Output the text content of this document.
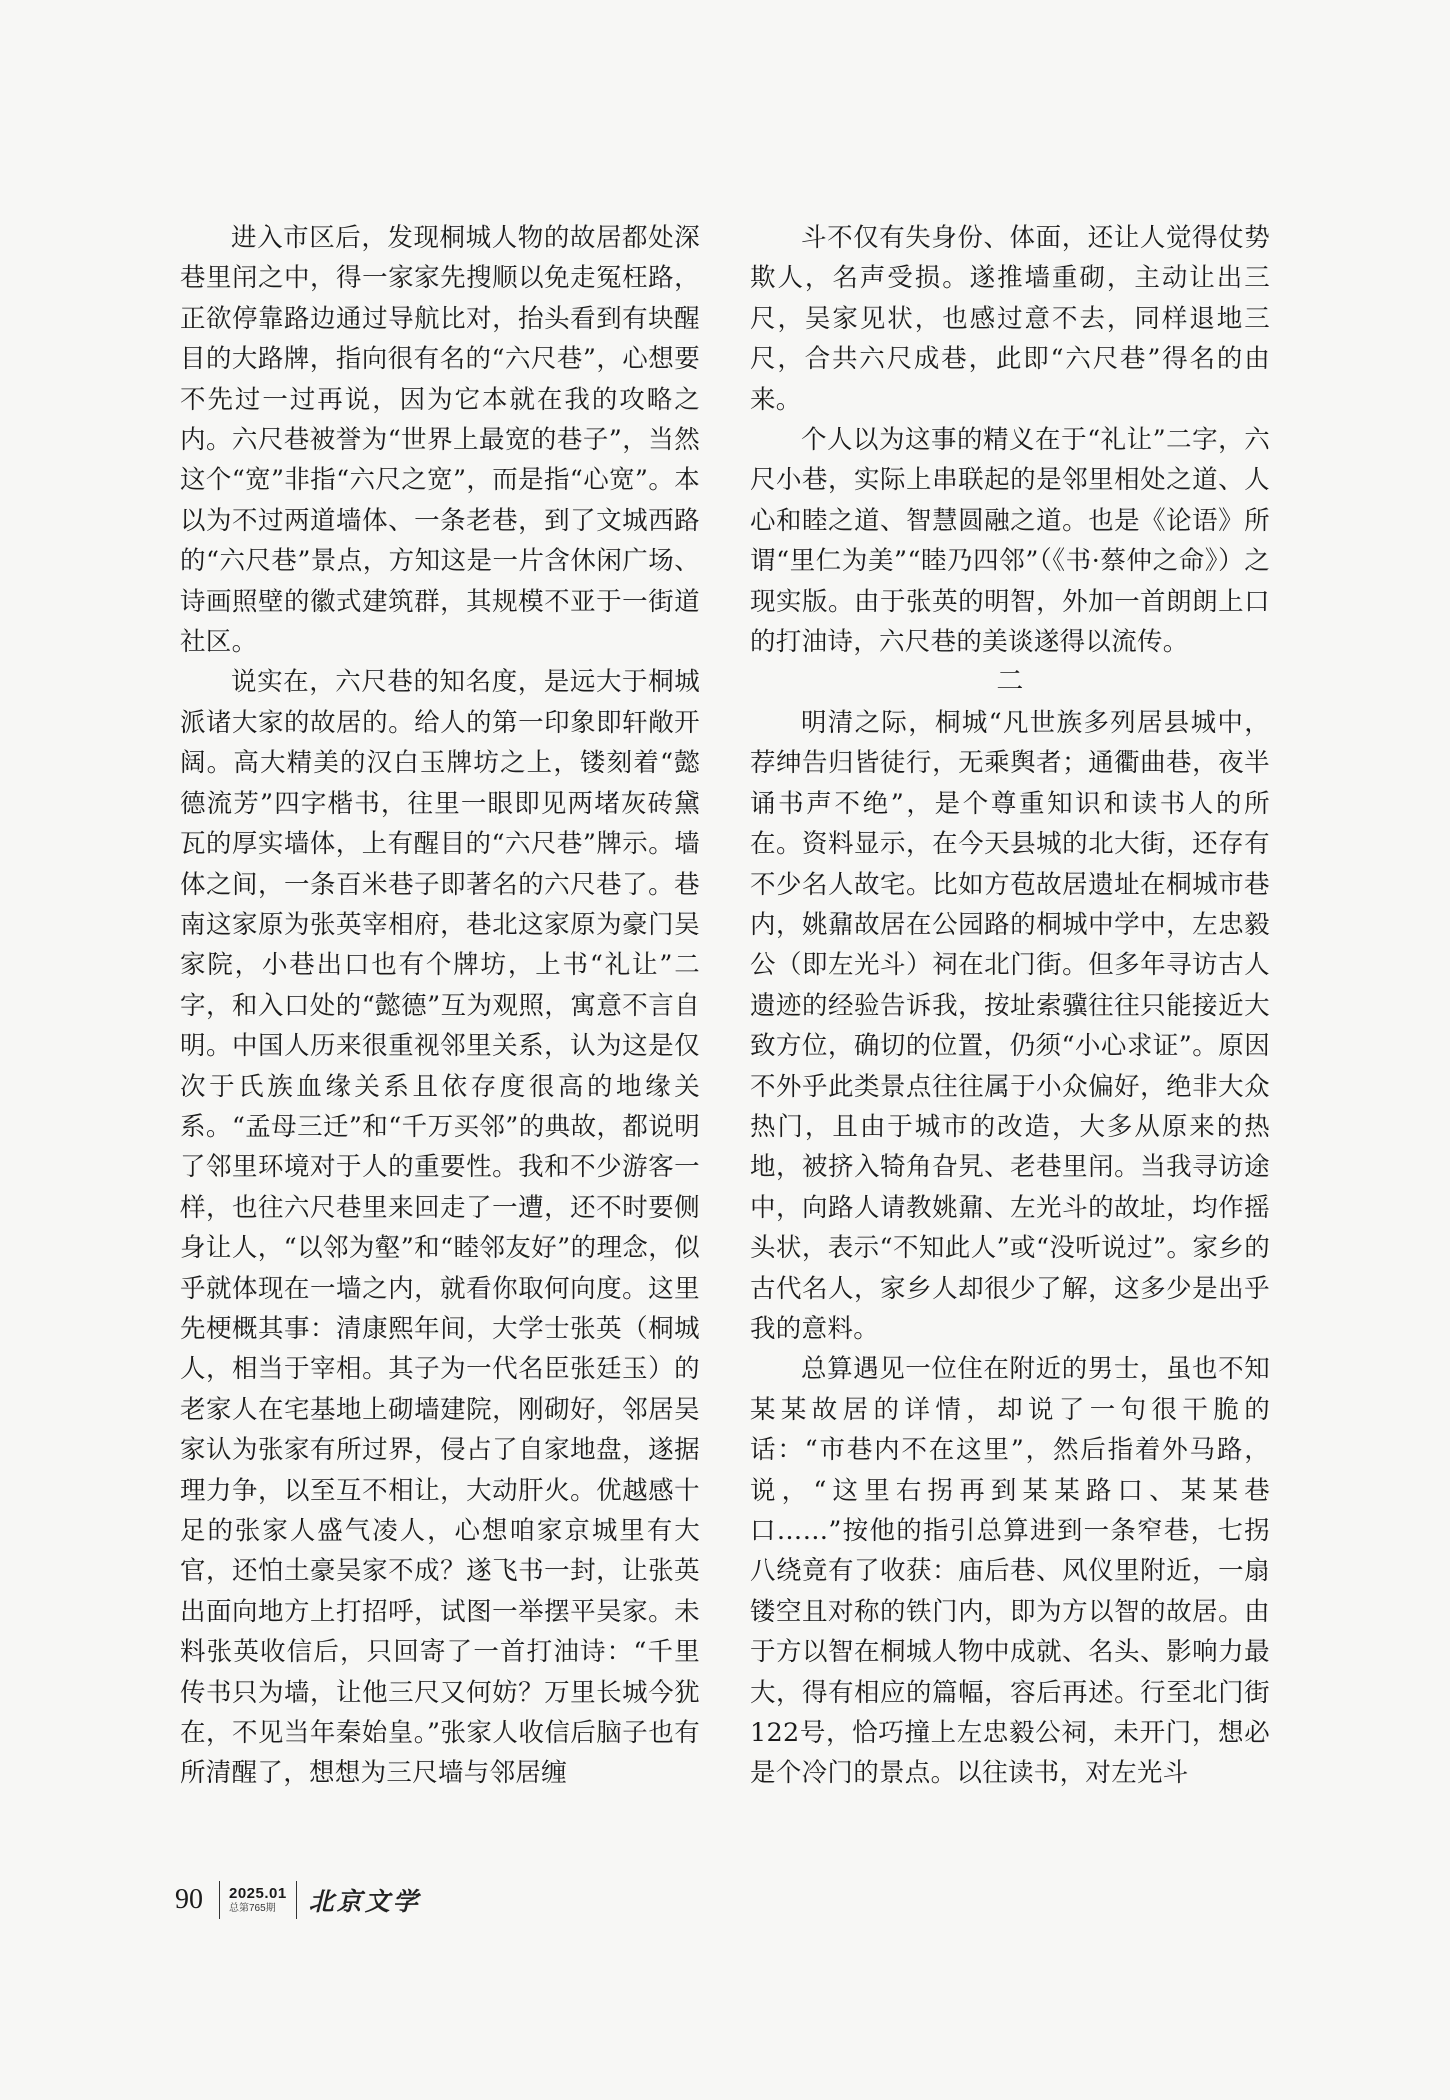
进入市区后，发现桐城人物的故居都处深巷里闬之中，得一家家先搜顺以免走冤枉路，正欲停靠路边通过导航比对，抬头看到有块醒目的大路牌，指向很有名的“六尺巷”，心想要不先过一过再说，因为它本就在我的攻略之内。六尺巷被誉为“世界上最宽的巷子”，当然这个“宽”非指“六尺之宽”，而是指“心宽”。本以为不过两道墙体、一条老巷，到了文城西路的“六尺巷”景点，方知这是一片含休闲广场、诗画照壁的徽式建筑群，其规模不亚于一街道社区。

说实在，六尺巷的知名度，是远大于桐城派诸大家的故居的。给人的第一印象即轩敞开阔。高大精美的汉白玉牌坊之上，镂刻着“懿德流芳”四字楷书，往里一眼即见两堵灰砖黛瓦的厚实墙体，上有醒目的“六尺巷”牌示。墙体之间，一条百米巷子即著名的六尺巷了。巷南这家原为张英宰相府，巷北这家原为豪门吴家院，小巷出口也有个牌坊，上书“礼让”二字，和入口处的“懿德”互为观照，寓意不言自明。中国人历来很重视邻里关系，认为这是仅次于氏族血缘关系且依存度很高的地缘关系。“孟母三迁”和“千万买邻”的典故，都说明了邻里环境对于人的重要性。我和不少游客一样，也往六尺巷里来回走了一遭，还不时要侧身让人，“以邻为壑”和“睦邻友好”的理念，似乎就体现在一墙之内，就看你取何向度。这里先梗概其事：清康熙年间，大学士张英（桐城人，相当于宰相。其子为一代名臣张廷玉）的老家人在宅基地上砌墙建院，刚砌好，邻居吴家认为张家有所过界，侵占了自家地盘，遂据理力争，以至互不相让，大动肝火。优越感十足的张家人盛气凌人，心想咱家京城里有大官，还怕土豪吴家不成？遂飞书一封，让张英出面向地方上打招呼，试图一举摆平吴家。未料张英收信后，只回寄了一首打油诗：“千里传书只为墙，让他三尺又何妨？万里长城今犹在，不见当年秦始皇。”张家人收信后脑子也有所清醒了，想想为三尺墙与邻居缠

斗不仅有失身份、体面，还让人觉得仗势欺人，名声受损。遂推墙重砌，主动让出三尺，吴家见状，也感过意不去，同样退地三尺，合共六尺成巷，此即“六尺巷”得名的由来。

个人以为这事的精义在于“礼让”二字，六尺小巷，实际上串联起的是邻里相处之道、人心和睦之道、智慧圆融之道。也是《论语》所谓“里仁为美”“睦乃四邻”（《书·蔡仲之命》）之现实版。由于张英的明智，外加一首朗朗上口的打油诗，六尺巷的美谈遂得以流传。

二

明清之际，桐城“凡世族多列居县城中，荐绅告归皆徒行，无乘舆者；通衢曲巷，夜半诵书声不绝”，是个尊重知识和读书人的所在。资料显示，在今天县城的北大街，还存有不少名人故宅。比如方苞故居遗址在桐城市巷内，姚鼐故居在公园路的桐城中学中，左忠毅公（即左光斗）祠在北门街。但多年寻访古人遗迹的经验告诉我，按址索骥往往只能接近大致方位，确切的位置，仍须“小心求证”。原因不外乎此类景点往往属于小众偏好，绝非大众热门，且由于城市的改造，大多从原来的热地，被挤入犄角旮旯、老巷里闬。当我寻访途中，向路人请教姚鼐、左光斗的故址，均作摇头状，表示“不知此人”或“没听说过”。家乡的古代名人，家乡人却很少了解，这多少是出乎我的意料。

总算遇见一位住在附近的男士，虽也不知某某故居的详情，却说了一句很干脆的话：“市巷内不在这里”，然后指着外马路，说，“这里右拐再到某某路口、某某巷口……”按他的指引总算进到一条窄巷，七拐八绕竟有了收获：庙后巷、风仪里附近，一扇镂空且对称的铁门内，即为方以智的故居。由于方以智在桐城人物中成就、名头、影响力最大，得有相应的篇幅，容后再述。行至北门街122号，恰巧撞上左忠毅公祠，未开门，想必是个冷门的景点。以往读书，对左光斗

90 2025.01
总第765期	北京文学
